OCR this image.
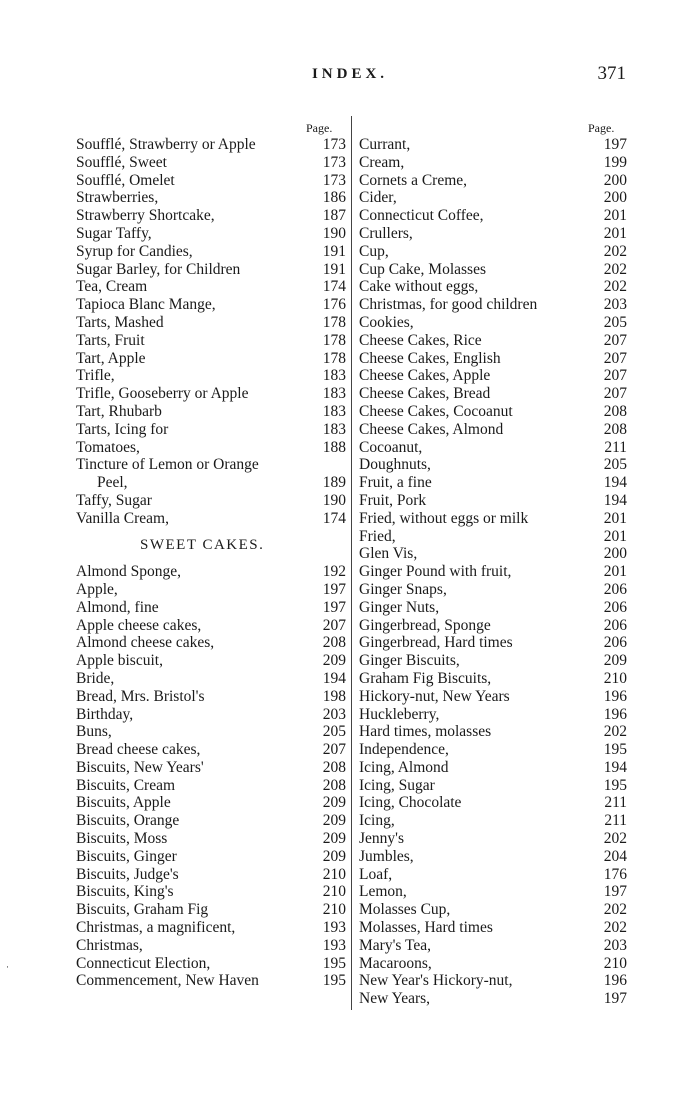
INDEX.	371
Page.	Page.
Soufflé, Strawberry or Apple	173
Soufflé, Sweet	173
Soufflé, Omelet	173
Strawberries,	186
Strawberry Shortcake,	187
Sugar Taffy,	190
Syrup for Candies,	191
Sugar Barley, for Children	191
Tea, Cream	174
Tapioca Blanc Mange,	176
Tarts, Mashed	178
Tarts, Fruit	178
Tart, Apple	178
Trifle,	183
Trifle, Gooseberry or Apple	183
Tart, Rhubarb	183
Tarts, Icing for	183
Tomatoes,	188
Tincture of Lemon or Orange
Peel,	189
Taffy, Sugar	190
Vanilla Cream,	174
SWEET CAKES.
Almond Sponge,	192
Apple,	197
Almond, fine	197
Apple cheese cakes,	207
Almond cheese cakes,	208
Apple biscuit,	209
Bride,	194
Bread, Mrs. Bristol's	198
Birthday,	203
Buns,	205
Bread cheese cakes,	207
Biscuits, New Years'	208
Biscuits, Cream	208
Biscuits, Apple	209
Biscuits, Orange	209
Biscuits, Moss	209
Biscuits, Ginger	209
Biscuits, Judge's	210
Biscuits, King's	210
Biscuits, Graham Fig	210
Christmas, a magnificent,	193
Christmas,	193
Connecticut Election,	195
Commencement, New Haven	195
Currant,	197
Cream,	199
Cornets a Creme,	200
Cider,	200
Connecticut Coffee,	201
Crullers,	201
Cup,	202
Cup Cake, Molasses	202
Cake without eggs,	202
Christmas, for good children	203
Cookies,	205
Cheese Cakes, Rice	207
Cheese Cakes, English	207
Cheese Cakes, Apple	207
Cheese Cakes, Bread	207
Cheese Cakes, Cocoanut	208
Cheese Cakes, Almond	208
Cocoanut,	211
Doughnuts,	205
Fruit, a fine	194
Fruit, Pork	194
Fried, without eggs or milk	201
Fried,	201
Glen Vis,	200
Ginger Pound with fruit,	201
Ginger Snaps,	206
Ginger Nuts,	206
Gingerbread, Sponge	206
Gingerbread, Hard times	206
Ginger Biscuits,	209
Graham Fig Biscuits,	210
Hickory-nut, New Years	196
Huckleberry,	196
Hard times, molasses	202
Independence,	195
Icing, Almond	194
Icing, Sugar	195
Icing, Chocolate	211
Icing,	211
Jenny's	202
Jumbles,	204
Loaf,	176
Lemon,	197
Molasses Cup,	202
Molasses, Hard times	202
Mary's Tea,	203
Macaroons,	210
New Year's Hickory-nut,	196
New Years,	197
·
